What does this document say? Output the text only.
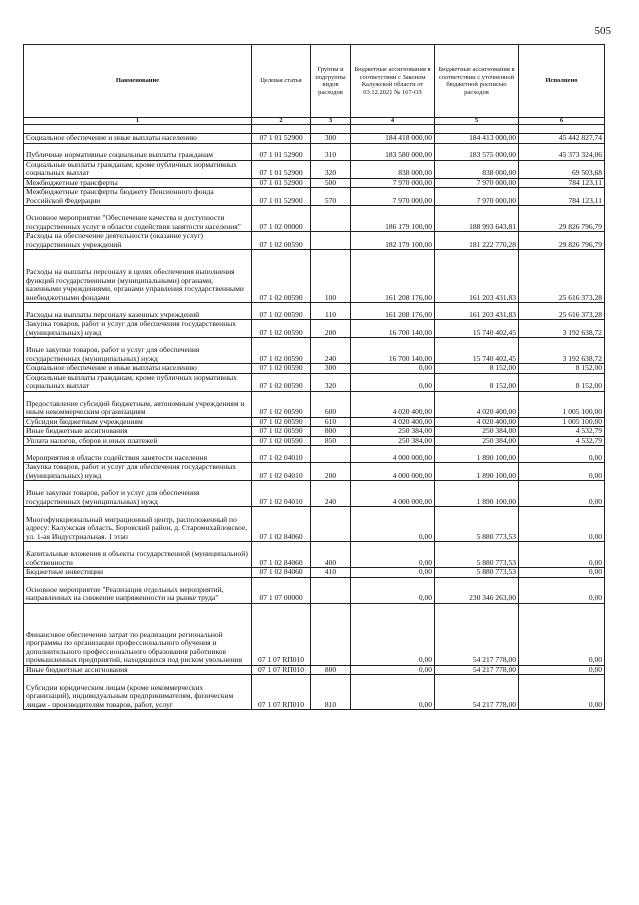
505
Наименование	Целевая статья	Группы и подгруппы видов расходов	Бюджетные ассигнования в соответствии с Законом Калужской области от 03.12.2021 № 167-ОЗ	Бюджетные ассигнования в соответствии с уточненной бюджетной росписью расходов	Исполнено
1	2	3	4	5	6

Социальное обеспечение и иные выплаты населению	07 1 01 52900	300	184 418 000,00	184 413 000,00	45 442 827,74
Публичные нормативные социальные выплаты гражданам	07 1 01 52900	310	183 580 000,00	183 575 000,00	45 373 324,06
Социальные выплаты гражданам, кроме публичных нормативных социальных выплат	07 1 01 52900	320	838 000,00	838 000,00	69 503,68
Межбюджетные трансферты	07 1 01 52900	500	7 970 000,00	7 970 000,00	784 123,11
Межбюджетные трансферты бюджету Пенсионного фонда Российской Федерации	07 1 01 52900	570	7 970 000,00	7 970 000,00	784 123,11
Основное мероприятие "Обеспечение качества и доступности государственных услуг в области содействия занятости населения"	07 1 02 00000		186 179 100,00	188 993 643,81	29 826 796,79
Расходы на обеспечение деятельности (оказание услуг) государственных учреждений	07 1 02 00590		182 179 100,00	181 222 770,28	29 826 796,79
Расходы на выплаты персоналу в целях обеспечения выполнения функций государственными (муниципальными) органами, казенными учреждениями, органами управления государственными внебюджетными фондами	07 1 02 00590	100	161 208 176,00	161 203 431,83	25 616 373,28
Расходы на выплаты персоналу казенных учреждений	07 1 02 00590	110	161 208 176,00	161 203 431,83	25 616 373,28
Закупка товаров, работ и услуг для обеспечения государственных (муниципальных) нужд	07 1 02 00590	200	16 700 140,00	15 740 402,45	3 192 638,72
Иные закупки товаров, работ и услуг для обеспечения государственных (муниципальных) нужд	07 1 02 00590	240	16 700 140,00	15 740 402,45	3 192 638,72
Социальное обеспечение и иные выплаты населению	07 1 02 00590	300	0,00	8 152,00	8 152,00
Социальные выплаты гражданам, кроме публичных нормативных социальных выплат	07 1 02 00590	320	0,00	8 152,00	8 152,00
Предоставление субсидий бюджетным, автономным учреждениям и иным некоммерческим организациям	07 1 02 00590	600	4 020 400,00	4 020 400,00	1 005 100,00
Субсидии бюджетным учреждениям	07 1 02 00590	610	4 020 400,00	4 020 400,00	1 005 100,00
Иные бюджетные ассигнования	07 1 02 00590	800	250 384,00	250 384,00	4 532,79
Уплата налогов, сборов и иных платежей	07 1 02 00590	850	250 384,00	250 384,00	4 532,79
Мероприятия в области содействия занятости населения	07 1 02 04010		4 000 000,00	1 890 100,00	0,00
Закупка товаров, работ и услуг для обеспечения государственных (муниципальных) нужд	07 1 02 04010	200	4 000 000,00	1 890 100,00	0,00
Иные закупки товаров, работ и услуг для обеспечения государственных (муниципальных) нужд	07 1 02 04010	240	4 000 000,00	1 890 100,00	0,00
Многофункциональный миграционный центр, расположенный по адресу: Калужская область, Боровский район, д. Старомихайловское, ул. 1-ая Индустриальная. 1 этап	07 1 02 84060		0,00	5 880 773,53	0,00
Капитальные вложения в объекты государственной (муниципальной) собственности	07 1 02 84060	400	0,00	5 880 773,53	0,00
Бюджетные инвестиции	07 1 02 84060	410	0,00	5 880 773,53	0,00
Основное мероприятие "Реализация отдельных мероприятий, направленных на снижение напряженности на рынке труда"	07 1 07 00000		0,00	230 346 263,00	0,00
Финансовое обеспечение затрат по реализации региональной программы по организации профессионального обучения и дополнительного профессионального образования работников промышленных предприятий, находящихся под риском увольнения	07 1 07 RП010		0,00	54 217 778,00	0,00
Иные бюджетные ассигнования	07 1 07 RП010	800	0,00	54 217 778,00	0,00
Субсидии юридическим лицам (кроме некоммерческих организаций), индивидуальным предпринимателям, физическим лицам - производителям товаров, работ, услуг	07 1 07 RП010	810	0,00	54 217 778,00	0,00
